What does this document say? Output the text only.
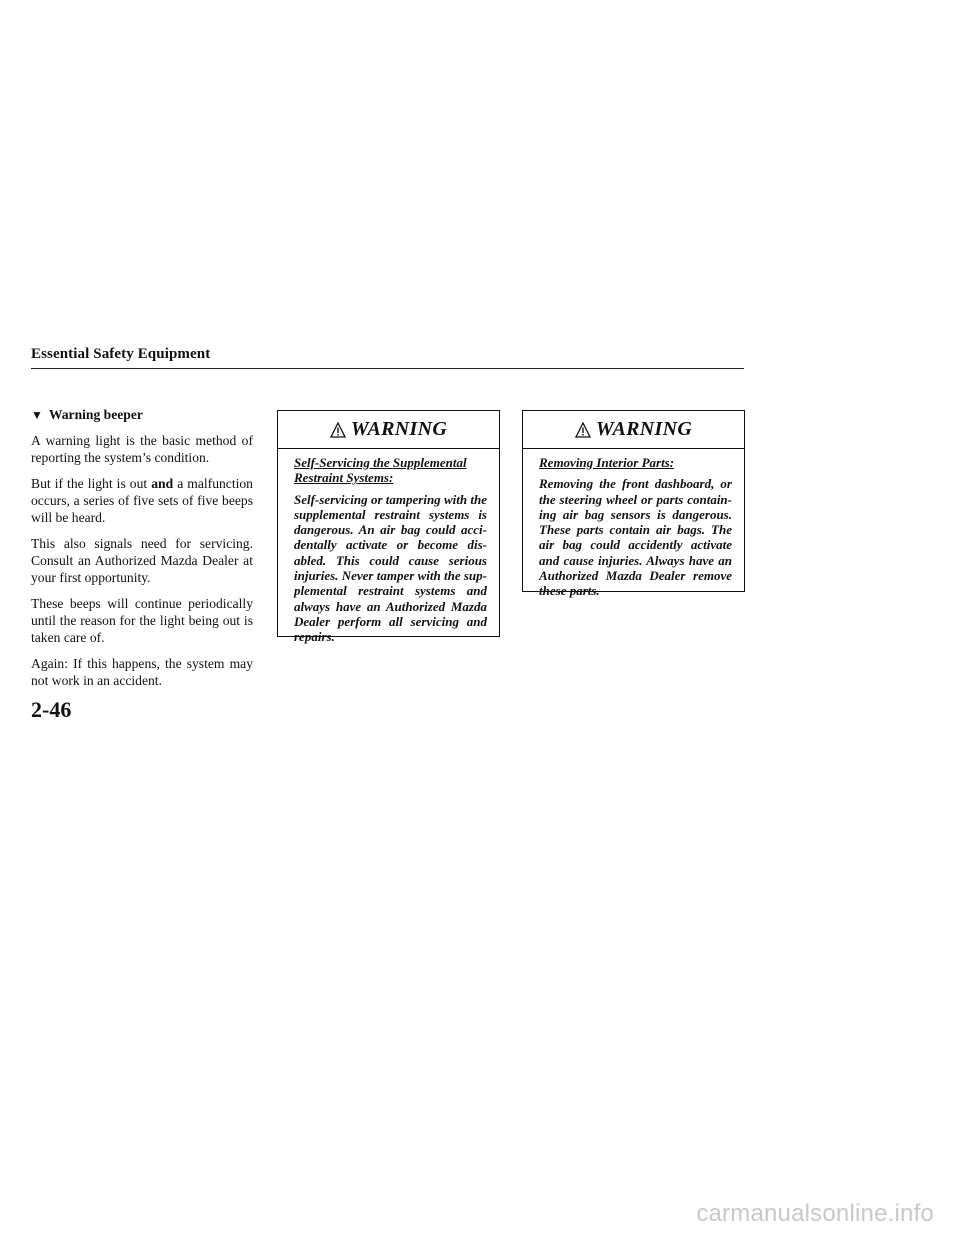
Essential Safety Equipment
▼ Warning beeper

A warning light is the basic method of reporting the system’s condition.

But if the light is out and a malfunction occurs, a series of five sets of five beeps will be heard.

This also signals need for servicing. Consult an Authorized Mazda Dealer at your first opportunity.

These beeps will continue periodically until the reason for the light being out is taken care of.

Again: If this happens, the system may not work in an accident.

WARNING

Self-Servicing the Supplemental Restraint Systems:

Self-servicing or tampering with the supplemental restraint systems is dangerous. An air bag could acci-dentally activate or become dis-abled. This could cause serious injuries. Never tamper with the sup-plemental restraint systems and always have an Authorized Mazda Dealer perform all servicing and repairs.

WARNING

Removing Interior Parts:

Removing the front dashboard, or the steering wheel or parts contain-ing air bag sensors is dangerous. These parts contain air bags. The air bag could accidently activate and cause injuries. Always have an Authorized Mazda Dealer remove these parts.

2-46
carmanualsonline.info
